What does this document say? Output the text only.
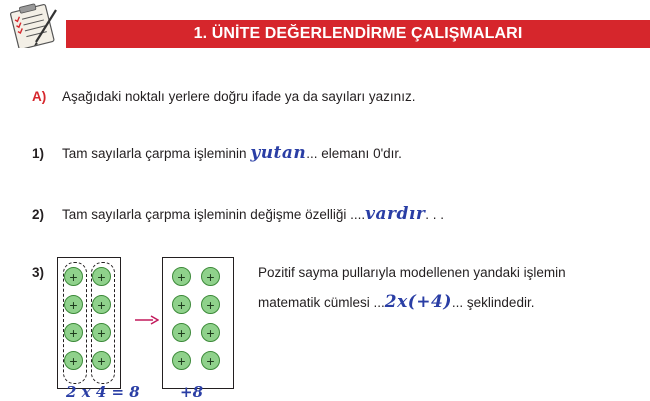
1. ÜNİTE DEĞERLENDİRME ÇALIŞMALARI
A) Aşağıdaki noktalı yerlere doğru ifade ya da sayıları yazınız.
1) Tam sayılarla çarpma işleminin yutan... elemanı 0'dır.
2) Tam sayılarla çarpma işleminin değişme özelliği ....vardır. . .
3)	Pozitif sayma pullarıyla modellenen yandaki işlemin
matematik cümlesi ...2x(+4)... şeklindedir.
+
+
+
+
+
+
+
+
+
+
+
+
+
+
+
+
2 x 4 = 8	+8
